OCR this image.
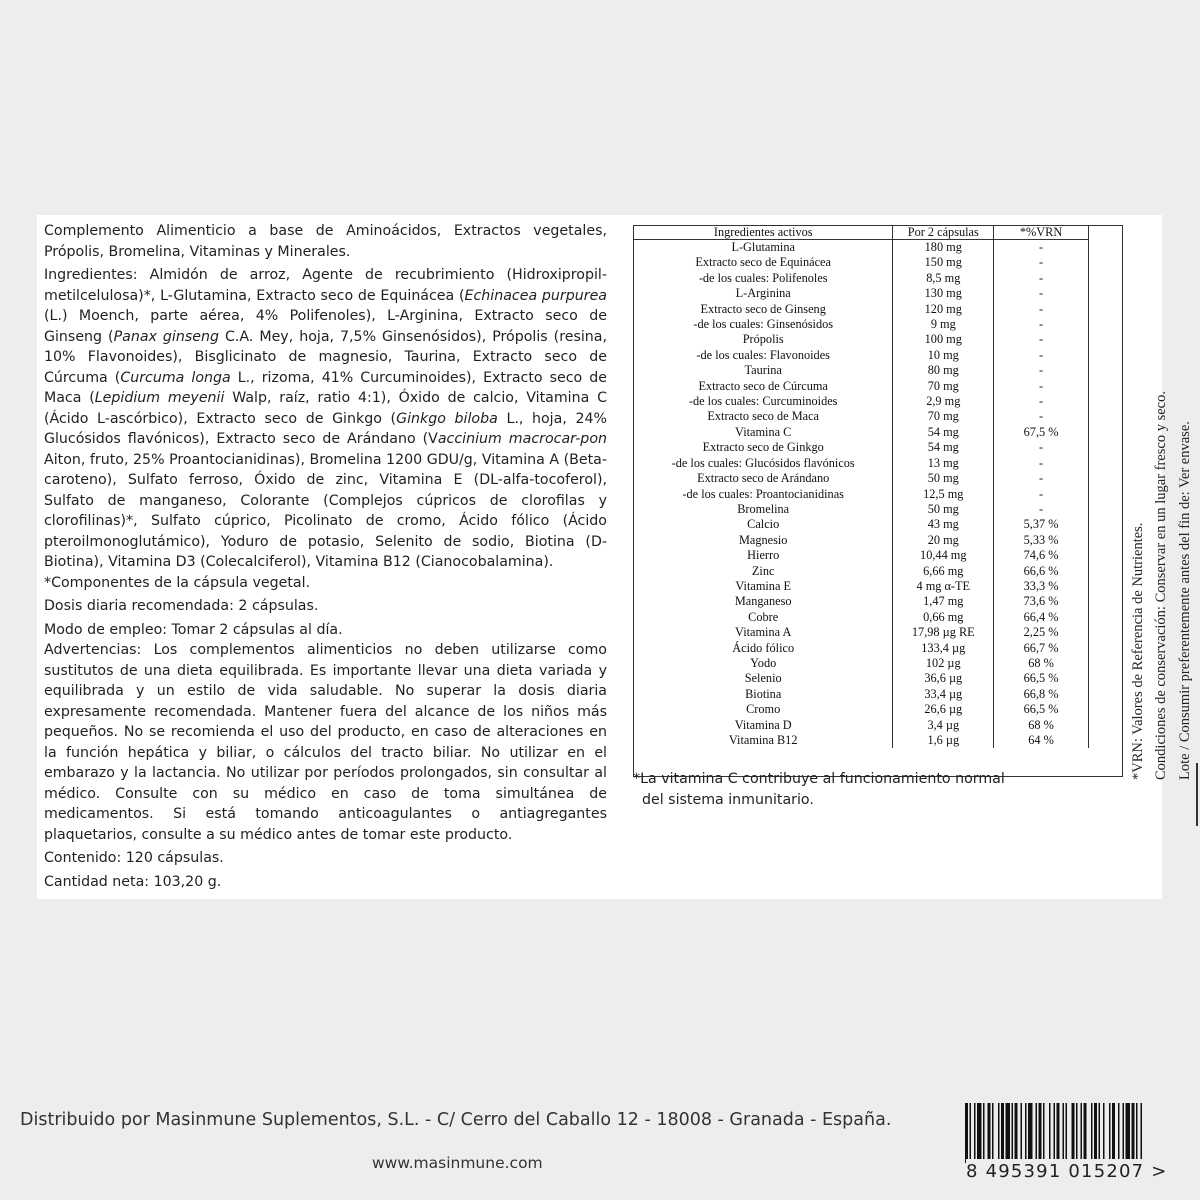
Complemento Alimenticio a base de Aminoácidos, Extractos vegetales, Própolis, Bromelina, Vitaminas y Minerales.

Ingredientes: Almidón de arroz, Agente de recubrimiento (Hidroxipropil-metilcelulosa)*, L-Glutamina, Extracto seco de Equinácea (Echinacea purpurea (L.) Moench, parte aérea, 4% Polifenoles), L-Arginina, Extracto seco de Ginseng (Panax ginseng C.A. Mey, hoja, 7,5% Ginsenósidos), Própolis (resina, 10% Flavonoides), Bisglicinato de magnesio, Taurina, Extracto seco de Cúrcuma (Curcuma longa L., rizoma, 41% Curcuminoides), Extracto seco de Maca (Lepidium meyenii Walp, raíz, ratio 4:1), Óxido de calcio, Vitamina C (Ácido L-ascórbico), Extracto seco de Ginkgo (Ginkgo biloba L., hoja, 24% Glucósidos flavónicos), Extracto seco de Arándano (Vaccinium macrocar-pon Aiton, fruto, 25% Proantocianidinas), Bromelina 1200 GDU/g, Vitamina A (Beta-caroteno), Sulfato ferroso, Óxido de zinc, Vitamina E (DL-alfa-tocoferol), Sulfato de manganeso, Colorante (Complejos cúpricos de clorofilas y clorofilinas)*, Sulfato cúprico, Picolinato de cromo, Ácido fólico (Ácido pteroilmonoglutámico), Yoduro de potasio, Selenito de sodio, Biotina (D-Biotina), Vitamina D3 (Colecalciferol), Vitamina B12 (Cianocobalamina).

*Componentes de la cápsula vegetal.

Dosis diaria recomendada: 2 cápsulas.

Modo de empleo: Tomar 2 cápsulas al día.

Advertencias: Los complementos alimenticios no deben utilizarse como sustitutos de una dieta equilibrada. Es importante llevar una dieta variada y equilibrada y un estilo de vida saludable. No superar la dosis diaria expresamente recomendada. Mantener fuera del alcance de los niños más pequeños. No se recomienda el uso del producto, en caso de alteraciones en la función hepática y biliar, o cálculos del tracto biliar. No utilizar en el embarazo y la lactancia. No utilizar por períodos prolongados, sin consultar al médico. Consulte con su médico en caso de toma simultánea de medicamentos. Si está tomando anticoagulantes o antiagregantes plaquetarios, consulte a su médico antes de tomar este producto.

Contenido: 120 cápsulas.

Cantidad neta: 103,20 g.

Ingredientes activos	Por 2 cápsulas	*%VRN
L-Glutamina	180 mg	-
Extracto seco de Equinácea	150 mg	-
-de los cuales: Polifenoles	8,5 mg	-
L-Arginina	130 mg	-
Extracto seco de Ginseng	120 mg	-
-de los cuales: Ginsenósidos	9 mg	-
Própolis	100 mg	-
-de los cuales: Flavonoides	10 mg	-
Taurina	80 mg	-
Extracto seco de Cúrcuma	70 mg	-
-de los cuales: Curcuminoides	2,9 mg	-
Extracto seco de Maca	70 mg	-
Vitamina C	54 mg	67,5 %
Extracto seco de Ginkgo	54 mg	-
-de los cuales: Glucósidos flavónicos	13 mg	-
Extracto seco de Arándano	50 mg	-
-de los cuales: Proantocianidinas	12,5 mg	-
Bromelina	50 mg	-
Calcio	43 mg	5,37 %
Magnesio	20 mg	5,33 %
Hierro	10,44 mg	74,6 %
Zinc	6,66 mg	66,6 %
Vitamina E	4 mg α-TE	33,3 %
Manganeso	1,47 mg	73,6 %
Cobre	0,66 mg	66,4 %
Vitamina A	17,98 µg RE	2,25 %
Ácido fólico	133,4 µg	66,7 %
Yodo	102 µg	68 %
Selenio	36,6 µg	66,5 %
Biotina	33,4 µg	66,8 %
Cromo	26,6 µg	66,5 %
Vitamina D	3,4 µg	68 %
Vitamina B12	1,6 µg	64 %
*La vitamina C contribuye al funcionamiento normal
del sistema inmunitario.
*VRN: Valores de Referencia de Nutrientes. Condiciones de conservación: Conservar en un lugar fresco y seco. Lote / Consumir preferentemente antes del fin de: Ver envase.
Distribuido por Masinmune Suplementos, S.L. - C/ Cerro del Caballo 12 - 18008 - Granada - España.
www.masinmune.com	8 495391 015207 >
